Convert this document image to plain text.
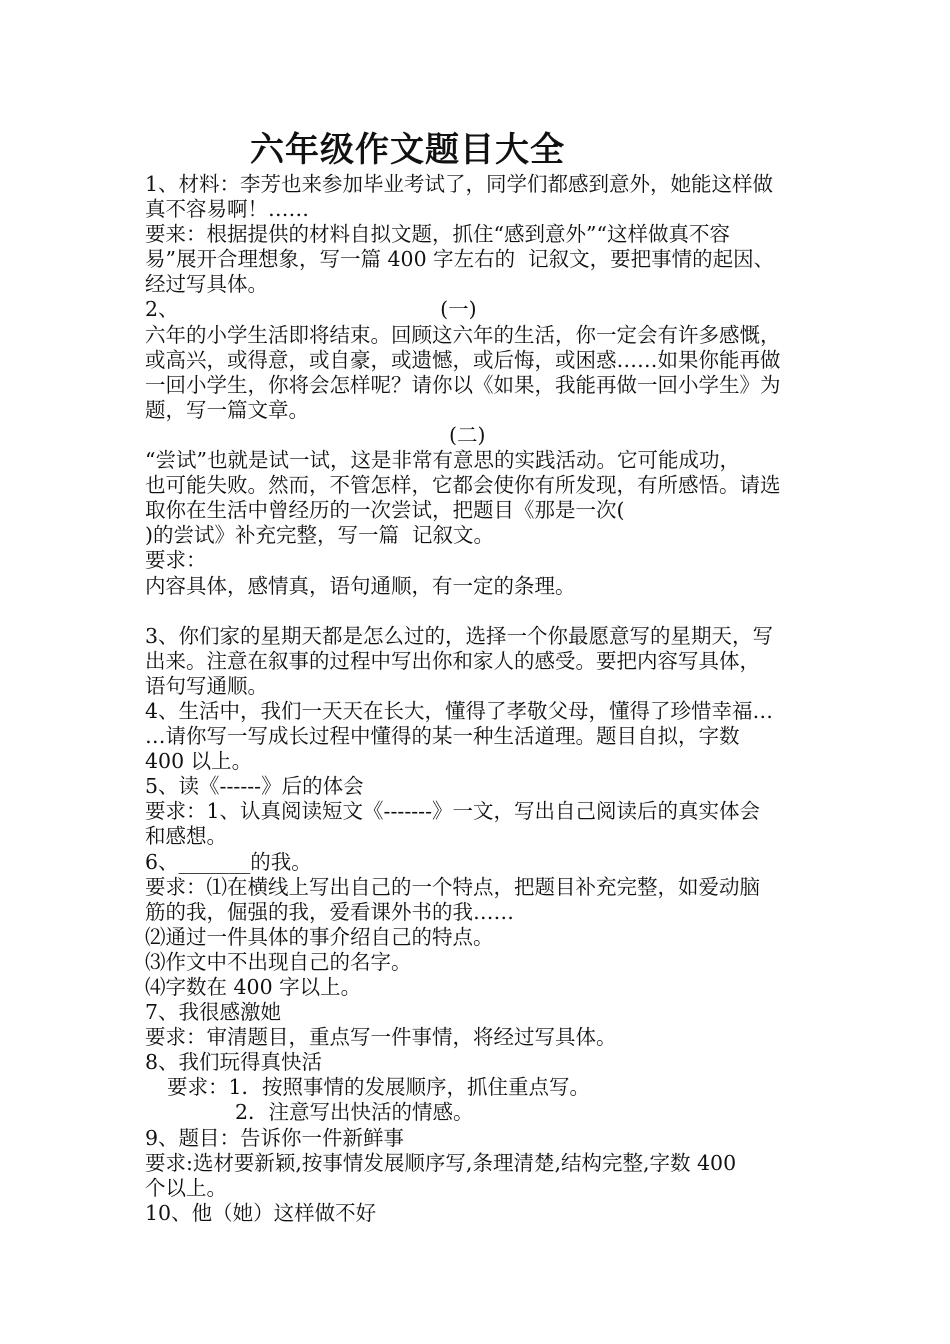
六年级作文题目大全
1、材料：李芳也来参加毕业考试了，同学们都感到意外，她能这样做
真不容易啊！……
要来：根据提供的材料自拟文题，抓住“感到意外”“这样做真不容
易”展开合理想象，写一篇 400 字左右的  记叙文，要把事情的起因、
经过写具体。
2、	(一)
六年的小学生活即将结束。回顾这六年的生活，你一定会有许多感慨，
或高兴，或得意，或自豪，或遗憾，或后悔，或困惑……如果你能再做
一回小学生，你将会怎样呢？请你以《如果，我能再做一回小学生》为
题，写一篇文章。
(二)
“尝试”也就是试一试，这是非常有意思的实践活动。它可能成功，
也可能失败。然而，不管怎样，它都会使你有所发现，有所感悟。请选
取你在生活中曾经历的一次尝试，把题目《那是一次(
)的尝试》补充完整，写一篇  记叙文。
要求：
内容具体，感情真，语句通顺，有一定的条理。
3、你们家的星期天都是怎么过的，选择一个你最愿意写的星期天，写
出来。注意在叙事的过程中写出你和家人的感受。要把内容写具体，
语句写通顺。
4、生活中，我们一天天在长大，懂得了孝敬父母，懂得了珍惜幸福…
…请你写一写成长过程中懂得的某一种生活道理。题目自拟，字数
400 以上。
5、读《------》后的体会
要求：1、认真阅读短文《-------》一文，写出自己阅读后的真实体会
和感想。
6、_______的我。
要求：⑴在横线上写出自己的一个特点，把题目补充完整，如爱动脑
筋的我，倔强的我，爱看课外书的我……
⑵通过一件具体的事介绍自己的特点。
⑶作文中不出现自己的名字。
⑷字数在 400 字以上。
7、我很感激她
要求：审清题目，重点写一件事情，将经过写具体。
8、我们玩得真快活
要求：1．按照事情的发展顺序，抓住重点写。
2．注意写出快活的情感。
9、题目：告诉你一件新鲜事
要求:选材要新颖,按事情发展顺序写,条理清楚,结构完整,字数 400
个以上。
10、他（她）这样做不好
